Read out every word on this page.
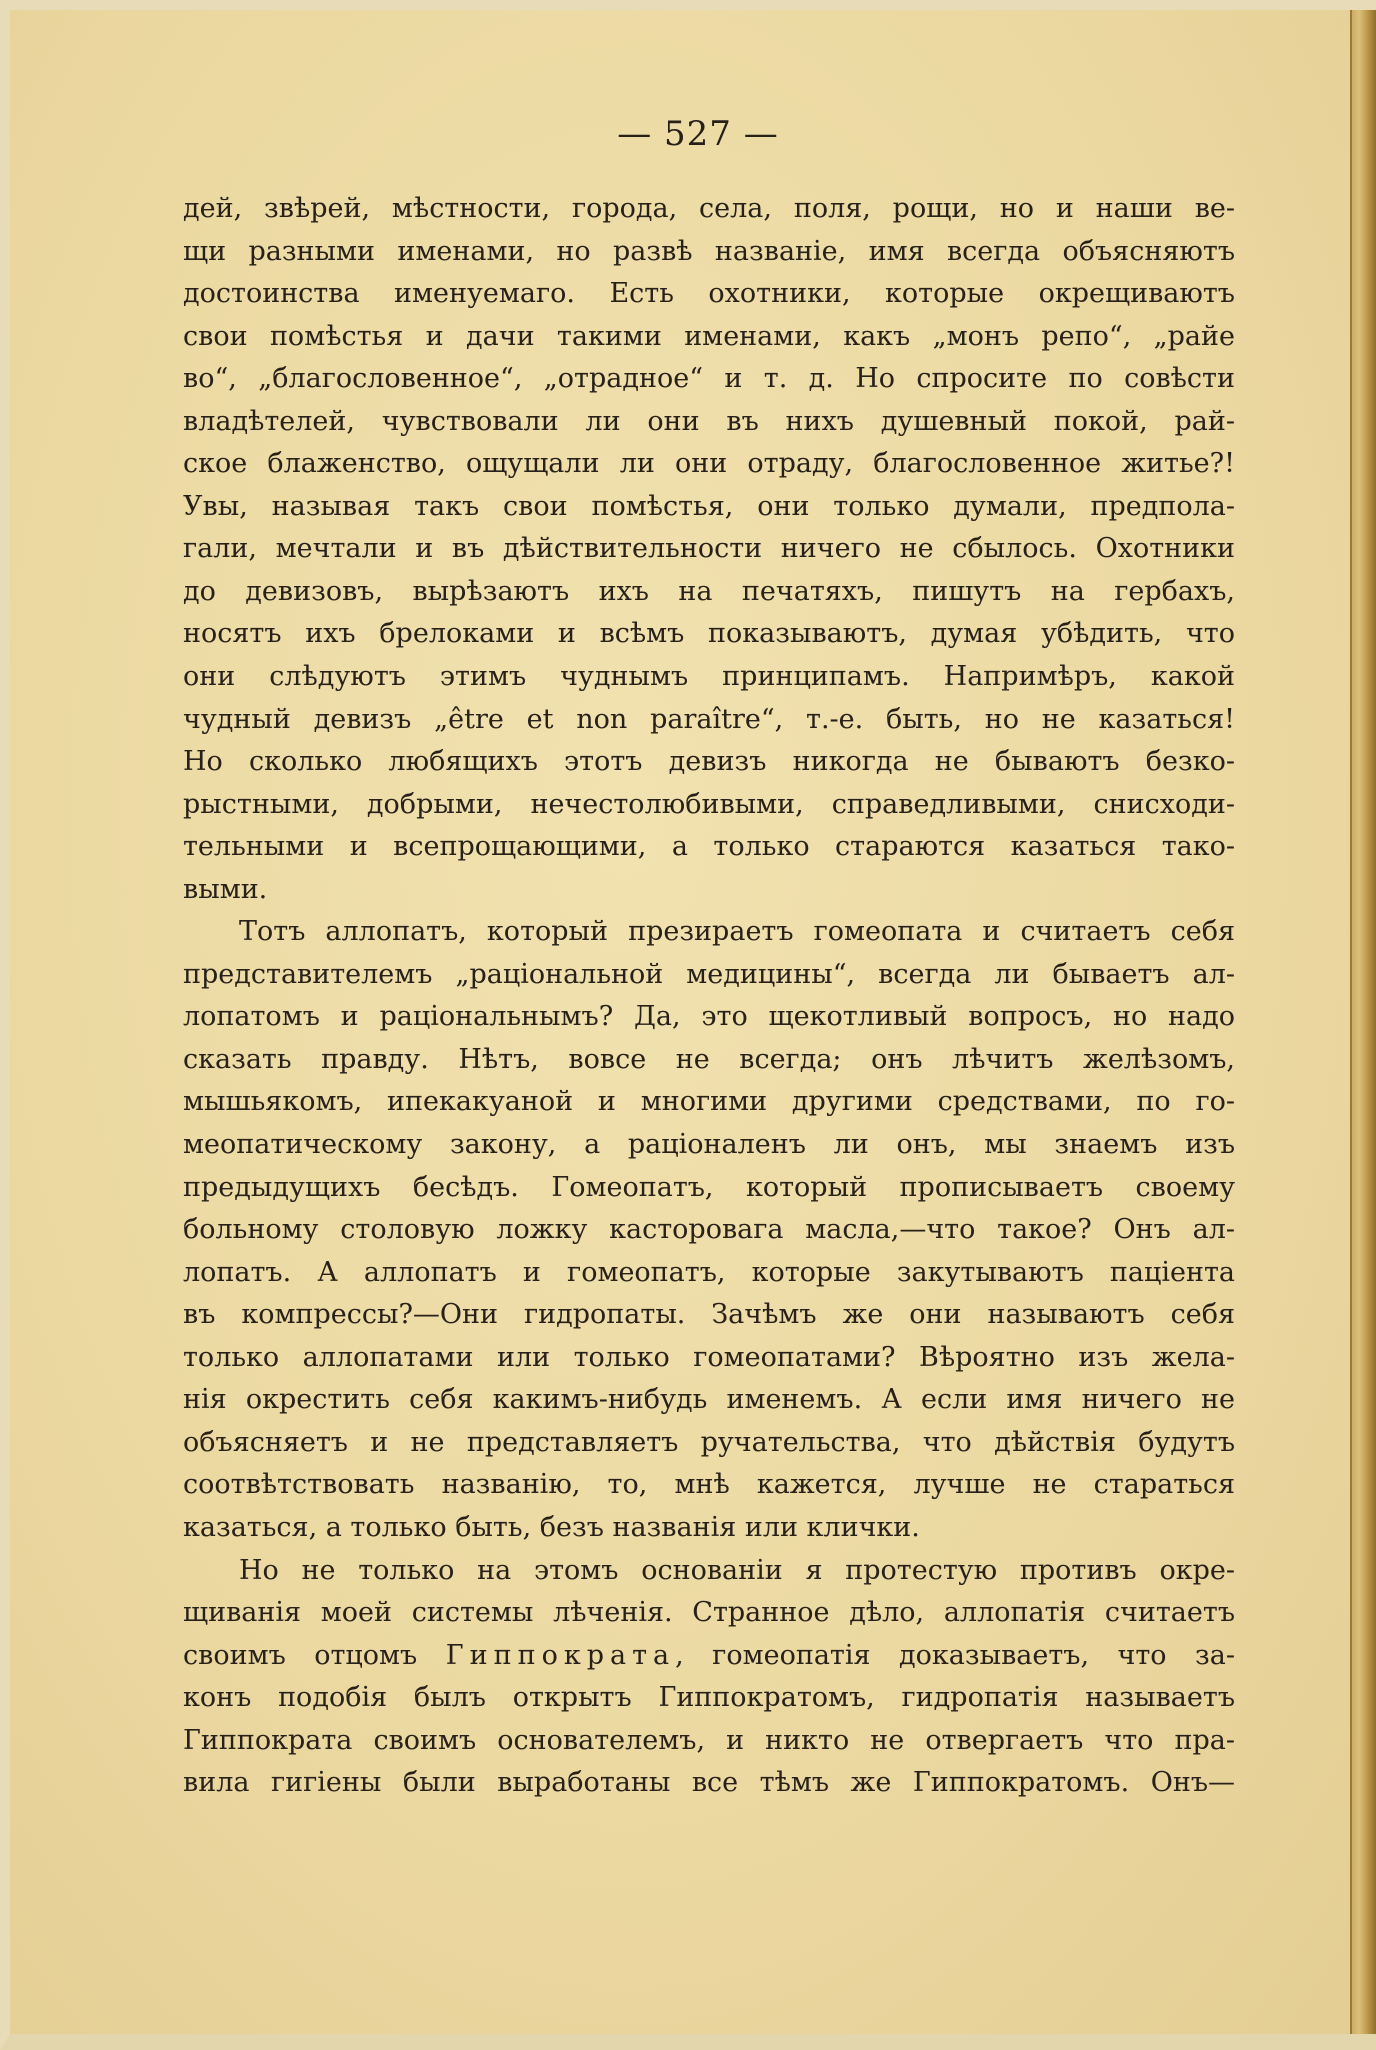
— 527 —
дей, звѣрей, мѣстности, города, села, поля, рощи, но и наши ве-
щи разными именами, но развѣ названіе, имя всегда объясняютъ
достоинства именуемаго. Есть охотники, которые окрещиваютъ
свои помѣстья и дачи такими именами, какъ „монъ репо“, „райе
во“, „благословенное“, „отрадное“ и т. д. Но спросите по совѣсти
владѣтелей, чувствовали ли они въ нихъ душевный покой, рай-
ское блаженство, ощущали ли они отраду, благословенное житье?!
Увы, называя такъ свои помѣстья, они только думали, предпола-
гали, мечтали и въ дѣйствительности ничего не сбылось. Охотники
до девизовъ, вырѣзаютъ ихъ на печатяхъ, пишутъ на гербахъ,
носятъ ихъ брелоками и всѣмъ показываютъ, думая убѣдить, что
они слѣдуютъ этимъ чуднымъ принципамъ. Напримѣръ, какой
чудный девизъ „être et non paraître“, т.-е. быть, но не казаться!
Но сколько любящихъ этотъ девизъ никогда не бываютъ безко-
рыстными, добрыми, нечестолюбивыми, справедливыми, снисходи-
тельными и всепрощающими, а только стараются казаться тако-
выми.
Тотъ аллопатъ, который презираетъ гомеопата и считаетъ себя
представителемъ „раціональной медицины“, всегда ли бываетъ ал-
лопатомъ и раціональнымъ? Да, это щекотливый вопросъ, но надо
сказать правду. Нѣтъ, вовсе не всегда; онъ лѣчитъ желѣзомъ,
мышьякомъ, ипекакуаной и многими другими средствами, по го-
меопатическому закону, а раціоналенъ ли онъ, мы знаемъ изъ
предыдущихъ бесѣдъ. Гомеопатъ, который прописываетъ своему
больному столовую ложку касторовага масла,—что такое? Онъ ал-
лопатъ. А аллопатъ и гомеопатъ, которые закутываютъ паціента
въ компрессы?—Они гидропаты. Зачѣмъ же они называютъ себя
только аллопатами или только гомеопатами? Вѣроятно изъ жела-
нія окрестить себя какимъ-нибудь именемъ. А если имя ничего не
объясняетъ и не представляетъ ручательства, что дѣйствія будутъ
соотвѣтствовать названію, то, мнѣ кажется, лучше не стараться
казаться, а только быть, безъ названія или клички.
Но не только на этомъ основаніи я протестую противъ окре-
щиванія моей системы лѣченія. Странное дѣло, аллопатія считаетъ
своимъ отцомъ Гиппократа, гомеопатія доказываетъ, что за-
конъ подобія былъ открытъ Гиппократомъ, гидропатія называетъ
Гиппократа своимъ основателемъ, и никто не отвергаетъ что пра-
вила гигіены были выработаны все тѣмъ же Гиппократомъ. Онъ—
